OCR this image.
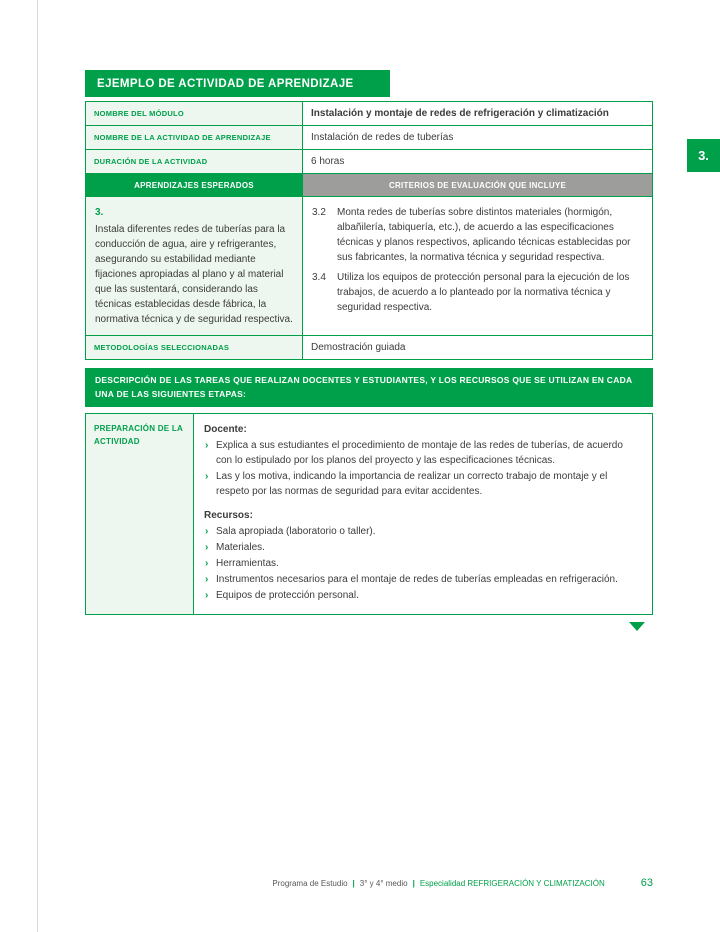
3.
EJEMPLO DE ACTIVIDAD DE APRENDIZAJE
NOMBRE DEL MÓDULO	Instalación y montaje de redes de refrigeración y climatización
NOMBRE DE LA ACTIVIDAD DE APRENDIZAJE	Instalación de redes de tuberías
DURACIÓN DE LA ACTIVIDAD	6 horas
APRENDIZAJES ESPERADOS	CRITERIOS DE EVALUACIÓN QUE INCLUYE
3.
Instala diferentes redes de tuberías para la conducción de agua, aire y refrigerantes, asegurando su estabilidad mediante fijaciones apropiadas al plano y al material que las sustentará, considerando las técnicas establecidas desde fábrica, la normativa técnica y de seguridad respectiva.
3.2	Monta redes de tuberías sobre distintos materiales (hormigón, albañilería, tabiquería, etc.), de acuerdo a las especificaciones técnicas y planos respectivos, aplicando técnicas establecidas por sus fabricantes, la normativa técnica y seguridad respectiva.
3.4	Utiliza los equipos de protección personal para la ejecución de los trabajos, de acuerdo a lo planteado por la normativa técnica y seguridad respectiva.
METODOLOGÍAS SELECCIONADAS	Demostración guiada
DESCRIPCIÓN DE LAS TAREAS QUE REALIZAN DOCENTES Y ESTUDIANTES, Y LOS RECURSOS QUE SE UTILIZAN EN CADA UNA DE LAS SIGUIENTES ETAPAS:
PREPARACIÓN DE LA ACTIVIDAD
Docente:
› Explica a sus estudiantes el procedimiento de montaje de las redes de tuberías, de acuerdo con lo estipulado por los planos del proyecto y las especificaciones técnicas.
› Las y los motiva, indicando la importancia de realizar un correcto trabajo de montaje y el respeto por las normas de seguridad para evitar accidentes.
Recursos:
› Sala apropiada (laboratorio o taller).
› Materiales.
› Herramientas.
› Instrumentos necesarios para el montaje de redes de tuberías empleadas en refrigeración.
› Equipos de protección personal.
Programa de Estudio | 3° y 4° medio | Especialidad REFRIGERACIÓN Y CLIMATIZACIÓN	63
